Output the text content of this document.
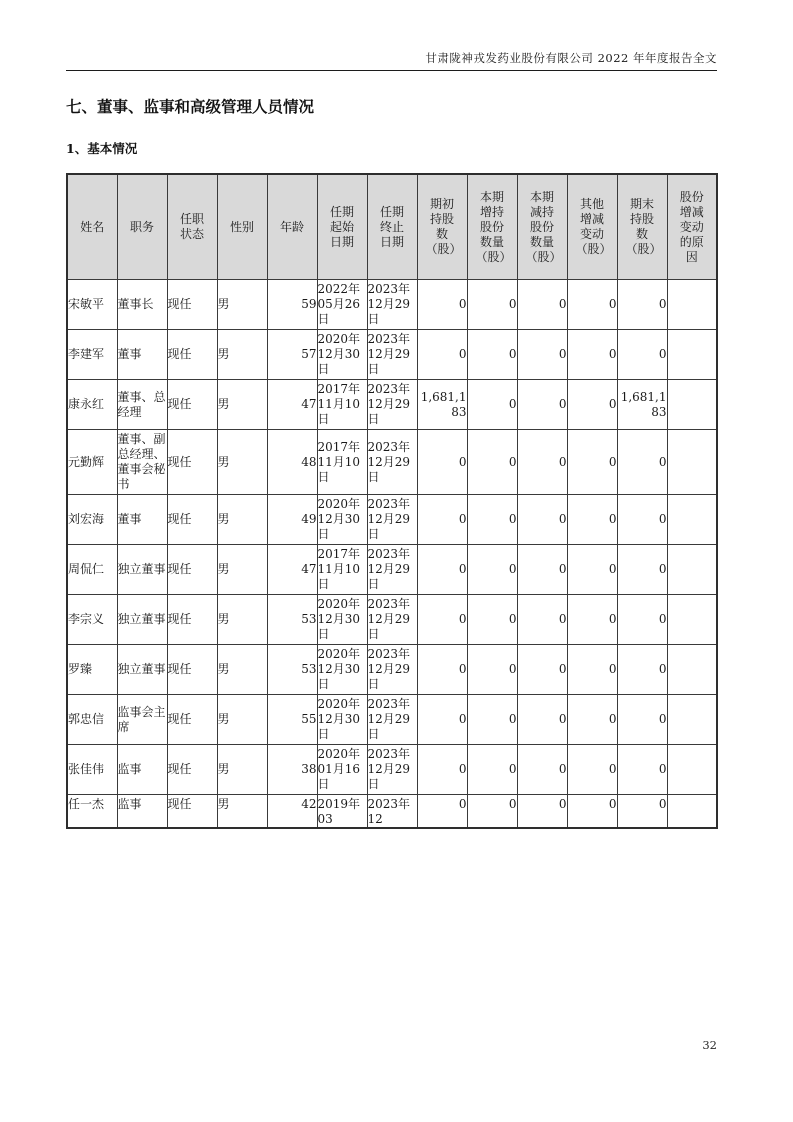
甘肃陇神戎发药业股份有限公司 2022 年年度报告全文
七、董事、监事和高级管理人员情况
1、基本情况
姓名	职务	任职状态	性别	年龄	任期起始日期	任期终止日期	期初持股数（股）	本期增持股份数量（股）	本期减持股份数量（股）	其他增减变动（股）	期末持股数（股）	股份增减变动的原因
宋敏平	董事长	现任	男	59	2022年05月26日	2023年12月29日	0	0	0	0	0	
李建军	董事	现任	男	57	2020年12月30日	2023年12月29日	0	0	0	0	0	
康永红	董事、总经理	现任	男	47	2017年11月10日	2023年12月29日	1,681,183	0	0	0	1,681,183	
元勤辉	董事、副总经理、董事会秘书	现任	男	48	2017年11月10日	2023年12月29日	0	0	0	0	0	
刘宏海	董事	现任	男	49	2020年12月30日	2023年12月29日	0	0	0	0	0	
周侃仁	独立董事	现任	男	47	2017年11月10日	2023年12月29日	0	0	0	0	0	
李宗义	独立董事	现任	男	53	2020年12月30日	2023年12月29日	0	0	0	0	0	
罗臻	独立董事	现任	男	53	2020年12月30日	2023年12月29日	0	0	0	0	0	
郭忠信	监事会主席	现任	男	55	2020年12月30日	2023年12月29日	0	0	0	0	0	
张佳伟	监事	现任	男	38	2020年01月16日	2023年12月29日	0	0	0	0	0	

任一杰	监事	现任	男	42	2019年03	2023年12	0	0	0	0	0	

32
